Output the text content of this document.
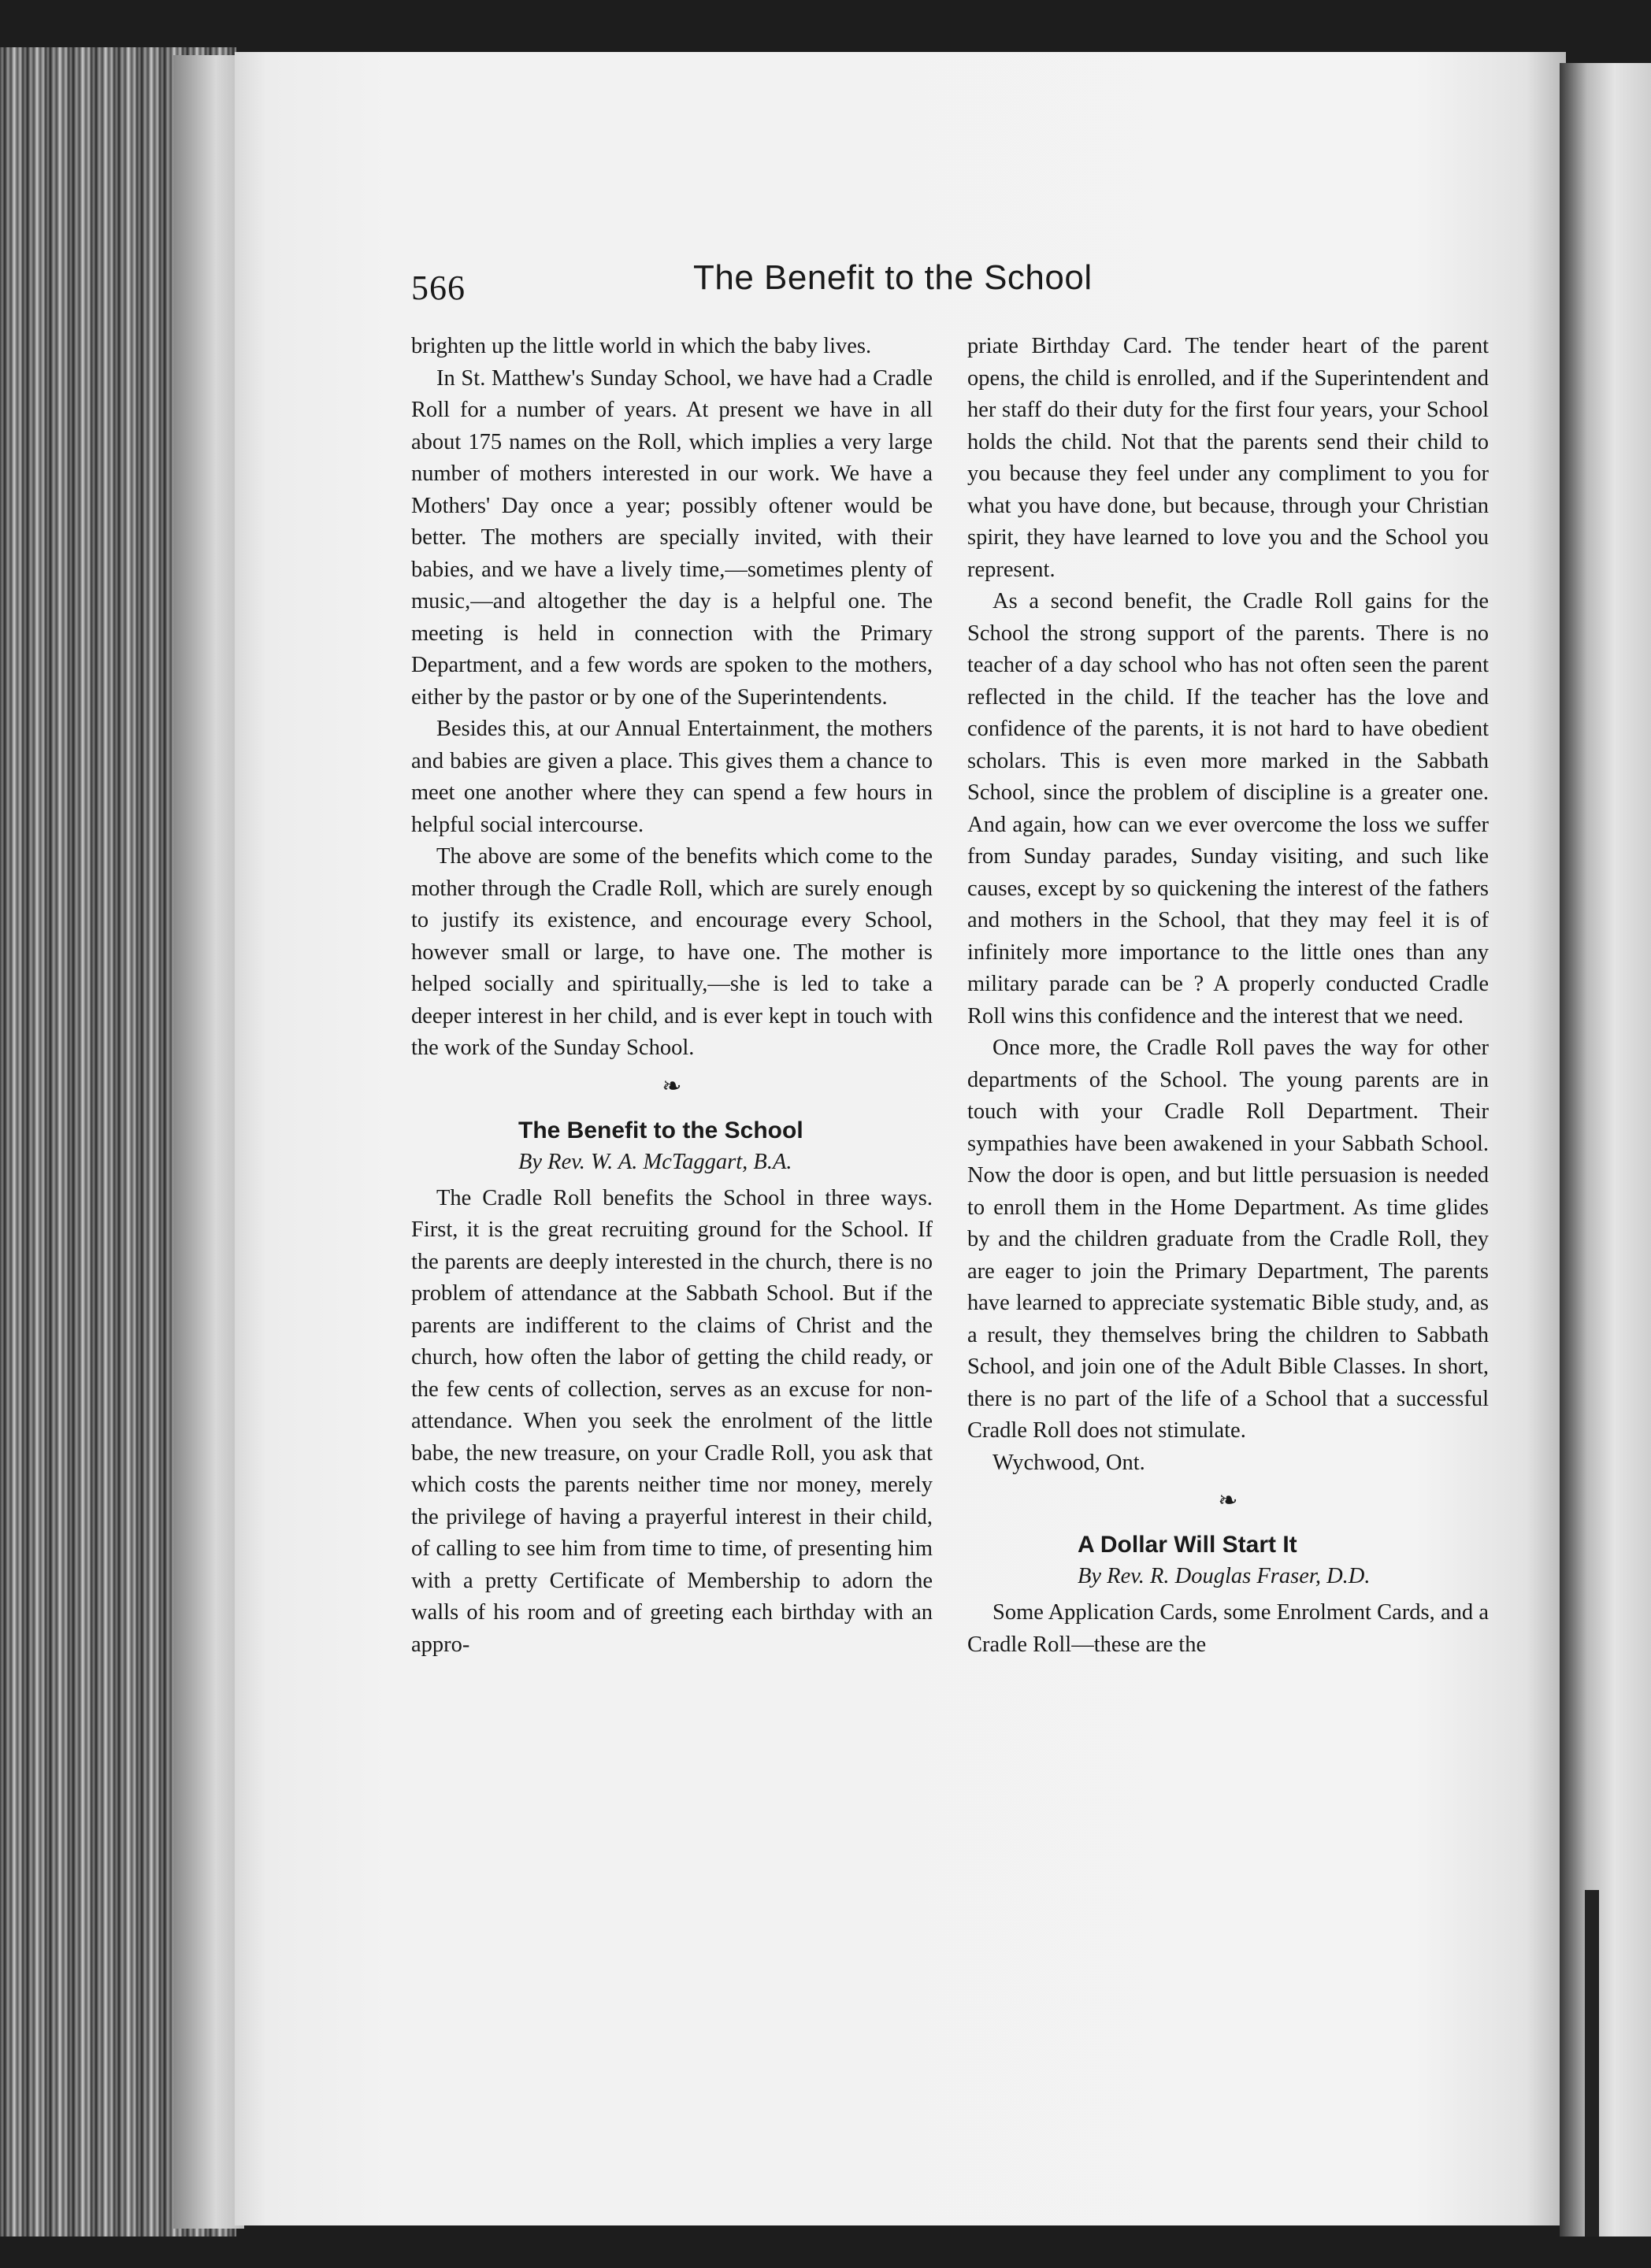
566	The Benefit to the School

brighten up the little world in which the baby lives.

In St. Matthew's Sunday School, we have had a Cradle Roll for a number of years. At present we have in all about 175 names on the Roll, which implies a very large number of mothers interested in our work. We have a Mothers' Day once a year; possibly oftener would be better. The mothers are specially invited, with their babies, and we have a lively time,—sometimes plenty of music,—and altogether the day is a helpful one. The meeting is held in connection with the Primary Department, and a few words are spoken to the mothers, either by the pastor or by one of the Superintendents.

Besides this, at our Annual Entertainment, the mothers and babies are given a place. This gives them a chance to meet one another where they can spend a few hours in helpful social intercourse.

The above are some of the benefits which come to the mother through the Cradle Roll, which are surely enough to justify its existence, and encourage every School, however small or large, to have one. The mother is helped socially and spiritually,—she is led to take a deeper interest in her child, and is ever kept in touch with the work of the Sunday School.

❧
The Benefit to the School
By Rev. W. A. McTaggart, B.A.

The Cradle Roll benefits the School in three ways. First, it is the great recruiting ground for the School. If the parents are deeply interested in the church, there is no problem of attendance at the Sabbath School. But if the parents are indifferent to the claims of Christ and the church, how often the labor of getting the child ready, or the few cents of collection, serves as an excuse for non-attendance. When you seek the enrolment of the little babe, the new treasure, on your Cradle Roll, you ask that which costs the parents neither time nor money, merely the privilege of having a prayerful interest in their child, of calling to see him from time to time, of presenting him with a pretty Certificate of Membership to adorn the walls of his room and of greeting each birthday with an appro-

priate Birthday Card. The tender heart of the parent opens, the child is enrolled, and if the Superintendent and her staff do their duty for the first four years, your School holds the child. Not that the parents send their child to you because they feel under any compliment to you for what you have done, but because, through your Christian spirit, they have learned to love you and the School you represent.

As a second benefit, the Cradle Roll gains for the School the strong support of the parents. There is no teacher of a day school who has not often seen the parent reflected in the child. If the teacher has the love and confidence of the parents, it is not hard to have obedient scholars. This is even more marked in the Sabbath School, since the problem of discipline is a greater one. And again, how can we ever overcome the loss we suffer from Sunday parades, Sunday visiting, and such like causes, except by so quickening the interest of the fathers and mothers in the School, that they may feel it is of infinitely more importance to the little ones than any military parade can be ? A properly conducted Cradle Roll wins this confidence and the interest that we need.

Once more, the Cradle Roll paves the way for other departments of the School. The young parents are in touch with your Cradle Roll Department. Their sympathies have been awakened in your Sabbath School. Now the door is open, and but little persuasion is needed to enroll them in the Home Department. As time glides by and the children graduate from the Cradle Roll, they are eager to join the Primary Department, The parents have learned to appreciate systematic Bible study, and, as a result, they themselves bring the children to Sabbath School, and join one of the Adult Bible Classes. In short, there is no part of the life of a School that a successful Cradle Roll does not stimulate.

Wychwood, Ont.

❧
A Dollar Will Start It
By Rev. R. Douglas Fraser, D.D.

Some Application Cards, some Enrolment Cards, and a Cradle Roll—these are the
